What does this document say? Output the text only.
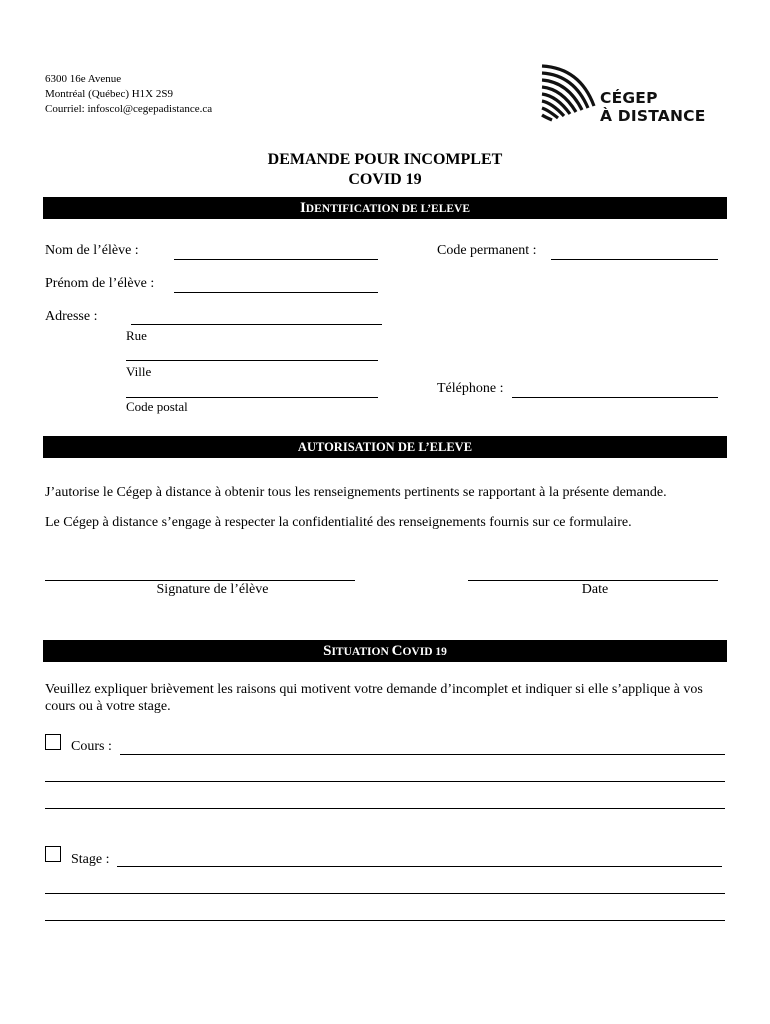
6300 16e Avenue
Montréal (Québec) H1X 2S9
Courriel: infoscol@cegepadistance.ca
CÉGEP
À DISTANCE
DEMANDE POUR INCOMPLET
COVID 19
IDENTIFICATION DE L’ELEVE
Nom de l’élève :	Code permanent :
Prénom de l’élève :
Adresse :
Rue
Ville
Code postal
Téléphone :
AUTORISATION DE L’ELEVE
J’autorise le Cégep à distance à obtenir tous les renseignements pertinents se rapportant à la présente demande.
Le Cégep à distance s’engage à respecter la confidentialité des renseignements fournis sur ce formulaire.
Signature de l’élève	Date
SITUATION COVID 19
Veuillez expliquer brièvement les raisons qui motivent votre demande d’incomplet et indiquer si elle s’applique à vos cours ou à votre stage.
Cours :
Stage :
